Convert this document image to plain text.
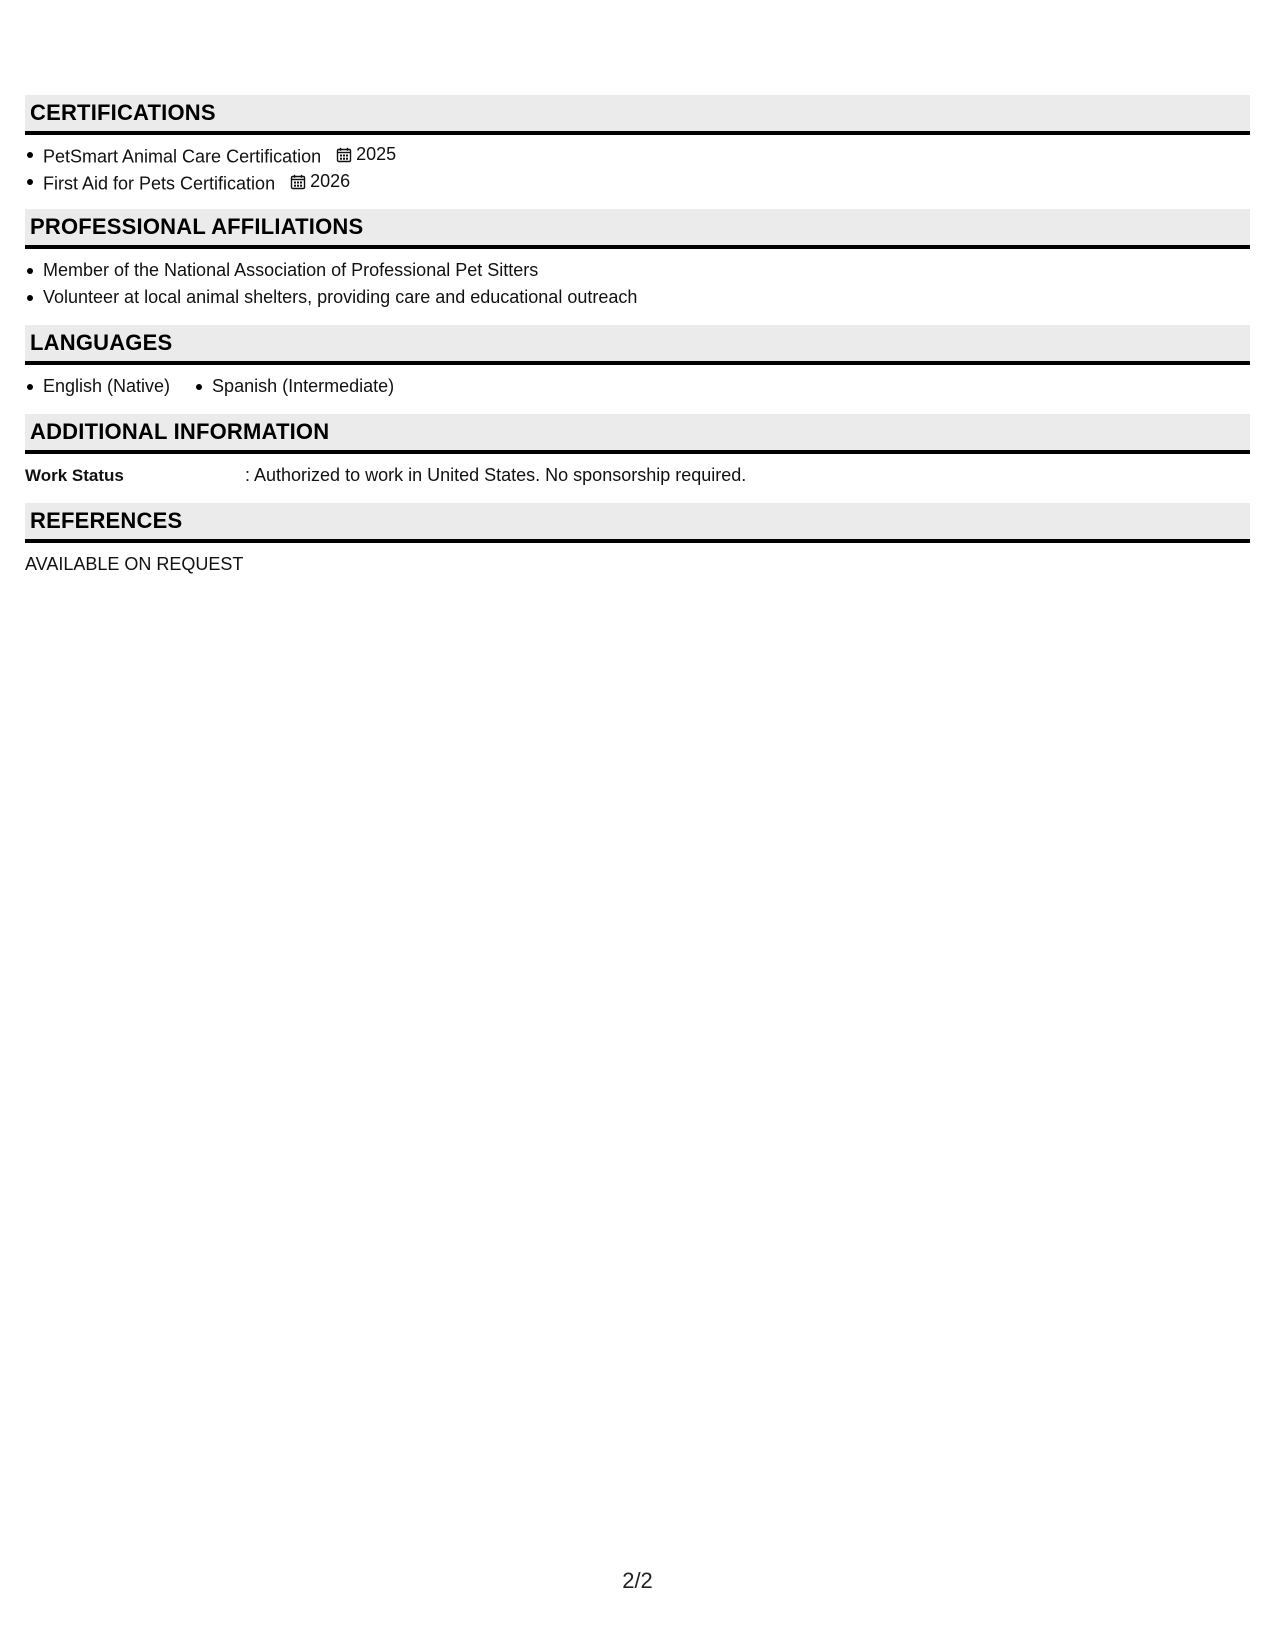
CERTIFICATIONS
PetSmart Animal Care Certification 2025
First Aid for Pets Certification 2026
PROFESSIONAL AFFILIATIONS
Member of the National Association of Professional Pet Sitters
Volunteer at local animal shelters, providing care and educational outreach
LANGUAGES
English (Native)	Spanish (Intermediate)
ADDITIONAL INFORMATION
Work Status	: Authorized to work in United States. No sponsorship required.
REFERENCES
AVAILABLE ON REQUEST
2/2
